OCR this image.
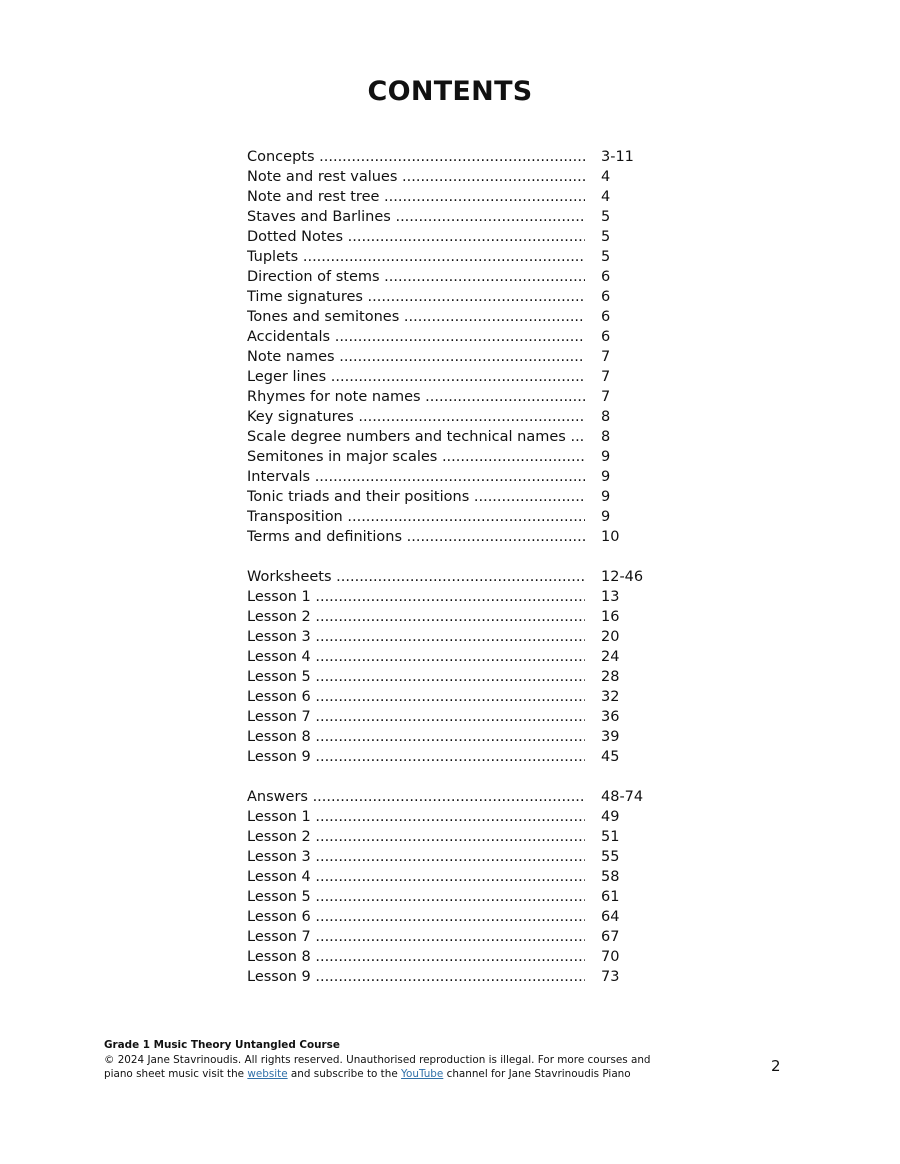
CONTENTS
Concepts .....	3-11
Note and rest values .....	4
Note and rest tree .....	4
Staves and Barlines .....	5
Dotted Notes .....	5
Tuplets .....	5
Direction of stems .....	6
Time signatures .....	6
Tones and semitones .....	6
Accidentals .....	6
Note names .....	7
Leger lines .....	7
Rhymes for note names .....	7
Key signatures .....	8
Scale degree numbers and technical names .....	8
Semitones in major scales .....	9
Intervals .....	9
Tonic triads and their positions .....	9
Transposition .....	9
Terms and definitions .....	10
Worksheets .....	12-46
Lesson 1 .....	13
Lesson 2 .....	16
Lesson 3 .....	20
Lesson 4 .....	24
Lesson 5 .....	28
Lesson 6 .....	32
Lesson 7 .....	36
Lesson 8 .....	39
Lesson 9 .....	45
Answers .....	48-74
Lesson 1 .....	49
Lesson 2 .....	51
Lesson 3 .....	55
Lesson 4 .....	58
Lesson 5 .....	61
Lesson 6 .....	64
Lesson 7 .....	67
Lesson 8 .....	70
Lesson 9 .....	73
Grade 1 Music Theory Untangled Course
© 2024 Jane Stavrinoudis. All rights reserved. Unauthorised reproduction is illegal. For more courses and
piano sheet music visit the website and subscribe to the YouTube channel for Jane Stavrinoudis Piano	2
